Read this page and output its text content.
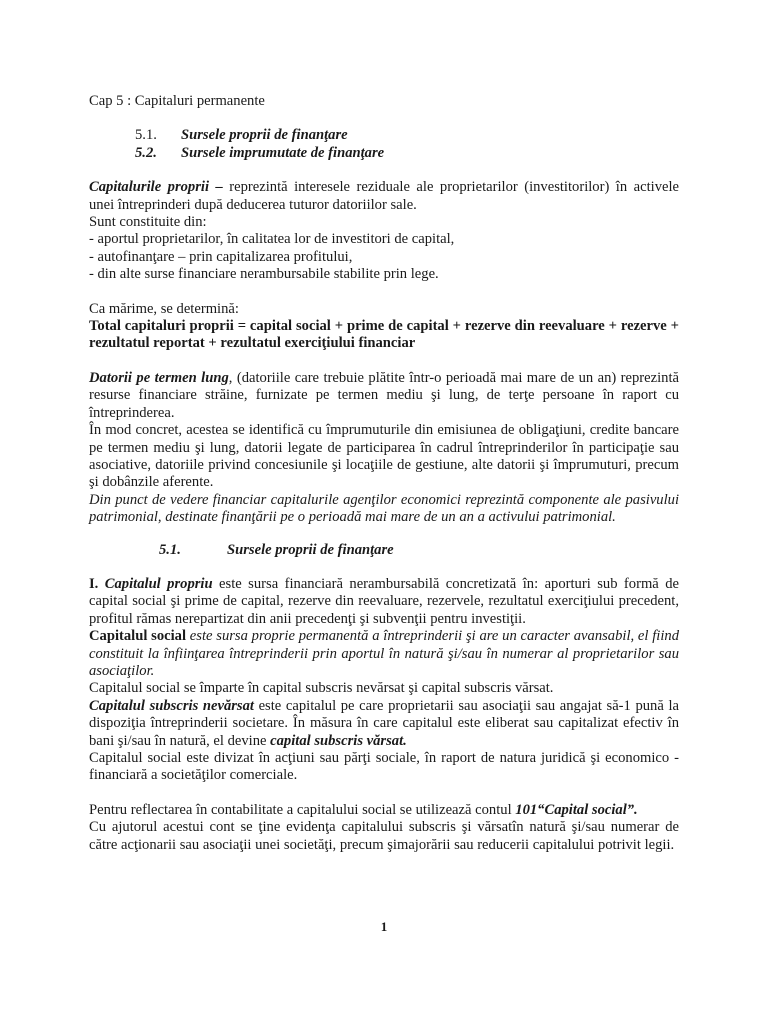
Cap 5 : Capitaluri permanente

5.1.	Sursele proprii de finanţare
5.2.	Sursele imprumutate de finanţare

Capitalurile proprii – reprezintă interesele reziduale ale proprietarilor (investitorilor) în activele unei întreprinderi după deducerea tuturor datoriilor sale.

Sunt constituite din:

- aportul proprietarilor, în calitatea lor de investitori de capital,

- autofinanţare – prin capitalizarea profitului,

- din alte surse financiare nerambursabile stabilite prin lege.

Ca mărime, se determină:

Total capitaluri proprii = capital social + prime de capital + rezerve din reevaluare + rezerve + rezultatul reportat + rezultatul exerciţiului financiar

Datorii pe termen lung, (datoriile care trebuie plătite într-o perioadă mai mare de un an) reprezintă resurse financiare străine, furnizate pe termen mediu şi lung, de terţe persoane în raport cu întreprinderea.

În mod concret, acestea se identifică cu împrumuturile din emisiunea de obligaţiuni, credite bancare pe termen mediu şi lung, datorii legate de participarea în cadrul întreprinderilor în participaţie sau asociative, datoriile privind concesiunile şi locaţiile de gestiune, alte datorii şi împrumuturi, precum şi dobânzile aferente.

Din punct de vedere financiar capitalurile agenţilor economici reprezintă componente ale pasivului patrimonial, destinate finanţării pe o perioadă mai mare de un an a activului patrimonial.

5.1.	Sursele proprii de finanţare

I. Capitalul propriu este sursa financiară nerambursabilă concretizată în: aporturi sub formă de capital social şi prime de capital, rezerve din reevaluare, rezervele, rezultatul exerciţiului precedent, profitul rămas nerepartizat din anii precedenţi şi subvenţii pentru investiţii.

Capitalul social este sursa proprie permanentă a întreprinderii şi are un caracter avansabil, el fiind constituit la înfiinţarea întreprinderii prin aportul în natură şi/sau în numerar al proprietarilor sau asociaţilor.

Capitalul social se împarte în capital subscris nevărsat şi capital subscris vărsat.

Capitalul subscris nevărsat este capitalul pe care proprietarii sau asociaţii sau angajat să-1 pună la dispoziţia întreprinderii societare. În măsura în care capitalul este eliberat sau capitalizat efectiv în bani şi/sau în natură, el devine capital subscris vărsat.

Capitalul social este divizat în acţiuni sau părţi sociale, în raport de natura juridică şi economico - financiară a societăţilor comerciale.

Pentru reflectarea în contabilitate a capitalului social se utilizează contul 101“Capital social”.

Cu ajutorul acestui cont se ţine evidenţa capitalului subscris şi vărsatîn natură şi/sau numerar de către acţionarii sau asociaţii unei societăţi, precum şimajorării sau reducerii capitalului potrivit legii.

1
